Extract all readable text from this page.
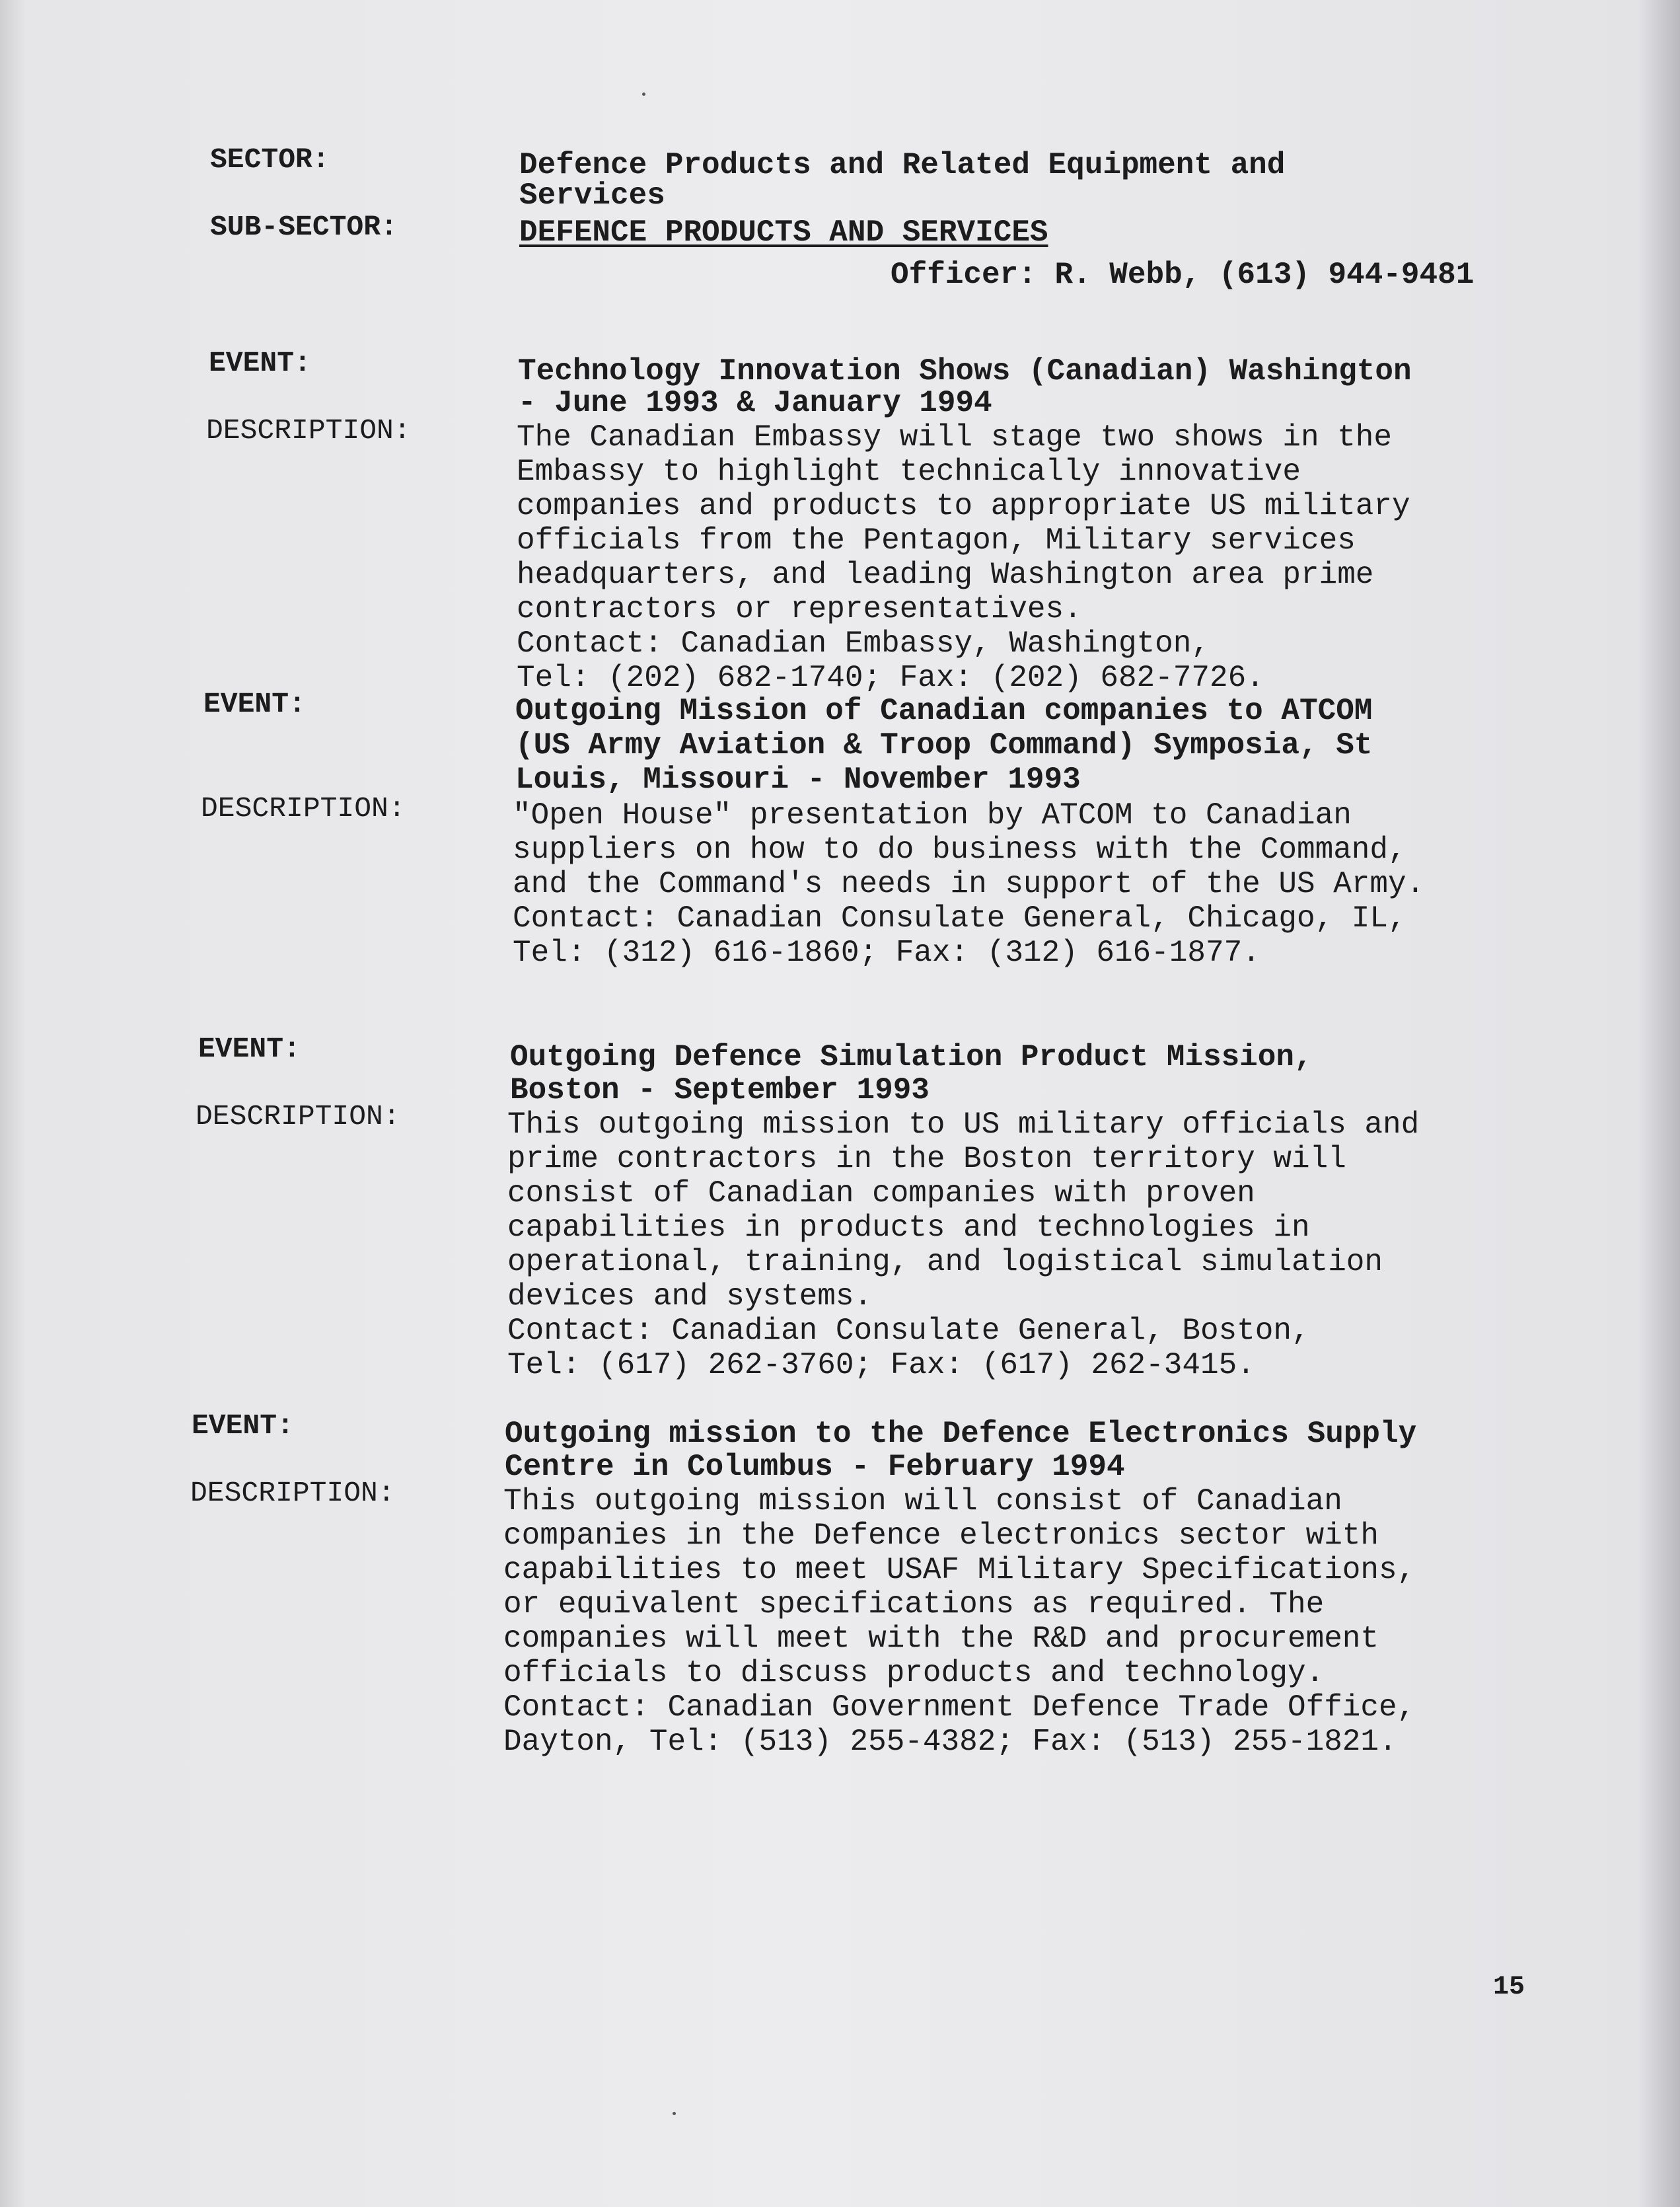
SECTOR:	Defence Products and Related Equipment and
Services
SUB-SECTOR:	DEFENCE PRODUCTS AND SERVICES
Officer: R. Webb, (613) 944-9481
EVENT:	Technology Innovation Shows (Canadian) Washington
- June 1993 & January 1994
DESCRIPTION:	The Canadian Embassy will stage two shows in the
Embassy to highlight technically innovative
companies and products to appropriate US military
officials from the Pentagon, Military services
headquarters, and leading Washington area prime
contractors or representatives.
Contact: Canadian Embassy, Washington,
Tel: (202) 682-1740; Fax: (202) 682-7726.
EVENT:	Outgoing Mission of Canadian companies to ATCOM
(US Army Aviation & Troop Command) Symposia, St
Louis, Missouri - November 1993
DESCRIPTION:	"Open House" presentation by ATCOM to Canadian
suppliers on how to do business with the Command,
and the Command's needs in support of the US Army.
Contact: Canadian Consulate General, Chicago, IL,
Tel: (312) 616-1860; Fax: (312) 616-1877.
EVENT:	Outgoing Defence Simulation Product Mission,
Boston - September 1993
DESCRIPTION:	This outgoing mission to US military officials and
prime contractors in the Boston territory will
consist of Canadian companies with proven
capabilities in products and technologies in
operational, training, and logistical simulation
devices and systems.
Contact: Canadian Consulate General, Boston,
Tel: (617) 262-3760; Fax: (617) 262-3415.
EVENT:	Outgoing mission to the Defence Electronics Supply
Centre in Columbus - February 1994
DESCRIPTION:	This outgoing mission will consist of Canadian
companies in the Defence electronics sector with
capabilities to meet USAF Military Specifications,
or equivalent specifications as required. The
companies will meet with the R&D and procurement
officials to discuss products and technology.
Contact: Canadian Government Defence Trade Office,
Dayton, Tel: (513) 255-4382; Fax: (513) 255-1821.
15
